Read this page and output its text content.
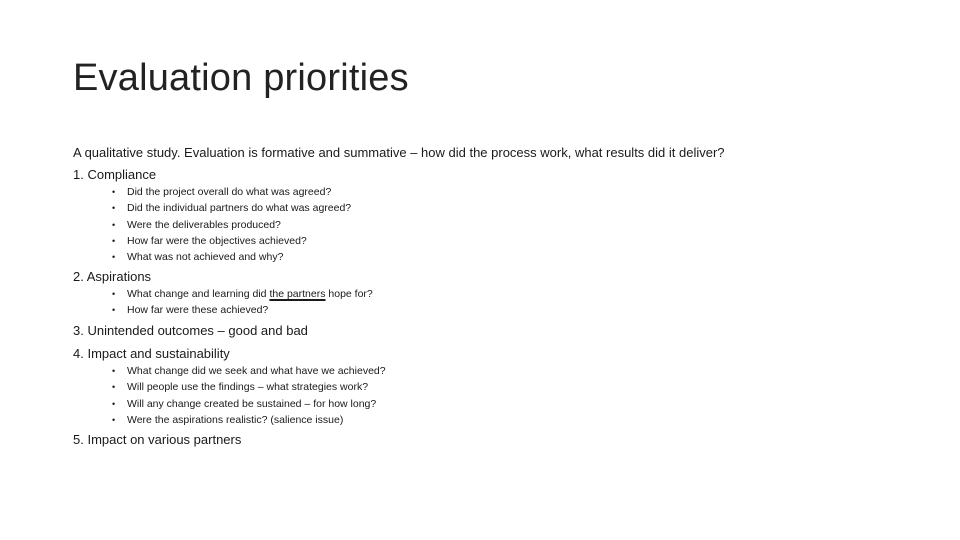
Evaluation priorities
A qualitative study. Evaluation is formative and summative – how did the process work, what results did it deliver?
1. Compliance
• Did the project overall do what was agreed?
• Did the individual partners do what was agreed?
• Were the deliverables produced?
• How far were the objectives achieved?
• What was not achieved and why?
2. Aspirations
• What change and learning did the partners hope for?
• How far were these achieved?
3. Unintended outcomes – good and bad
4. Impact and sustainability
• What change did we seek and what have we achieved?
• Will people use the findings – what strategies work?
• Will any change created be sustained – for how long?
• Were the aspirations realistic? (salience issue)
5. Impact on various partners
